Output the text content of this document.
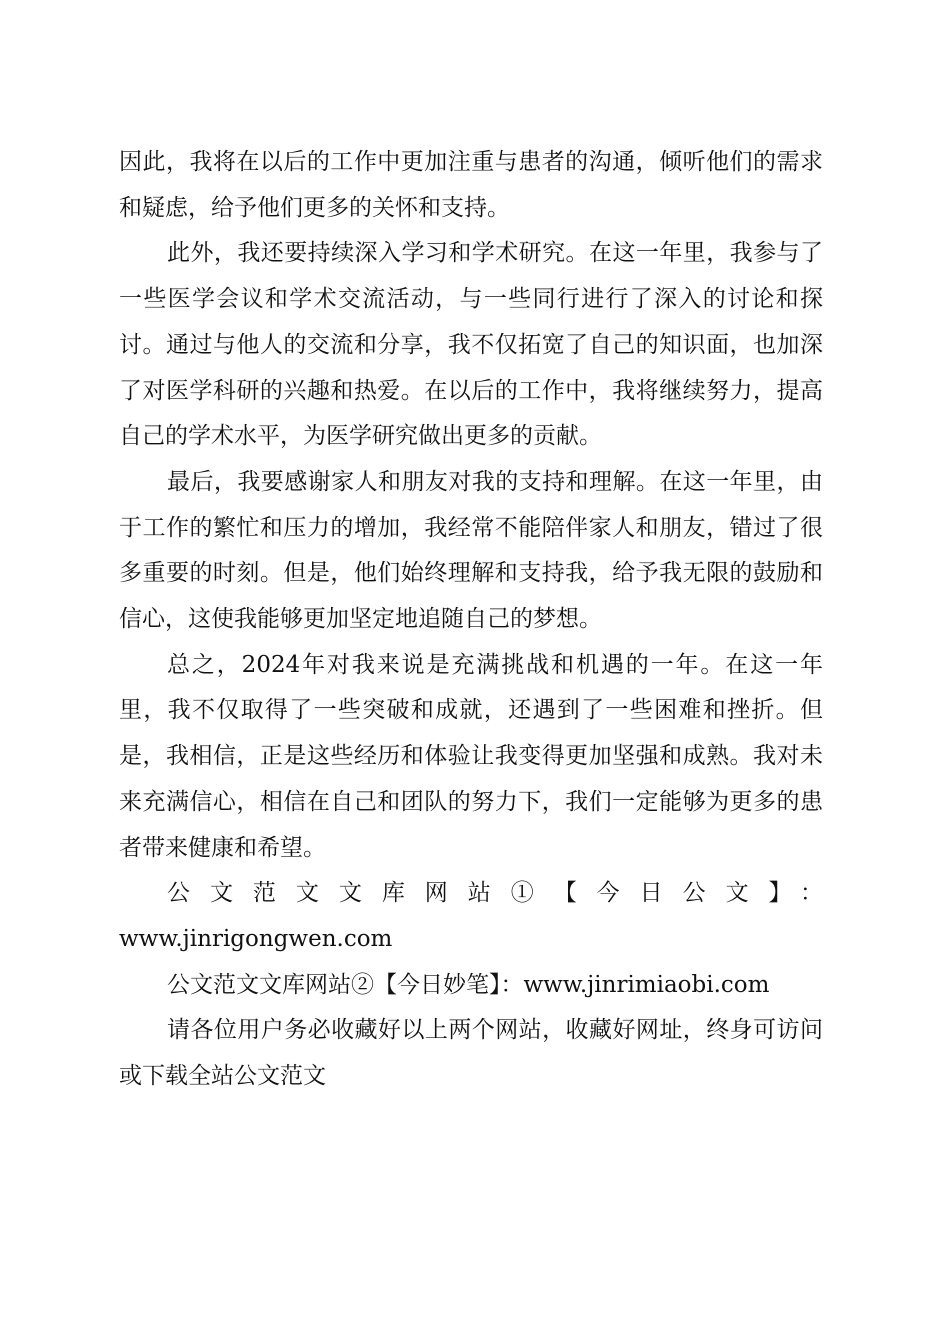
因此，我将在以后的工作中更加注重与患者的沟通，倾听他们的需求和疑虑，给予他们更多的关怀和支持。

此外，我还要持续深入学习和学术研究。在这一年里，我参与了一些医学会议和学术交流活动，与一些同行进行了深入的讨论和探讨。通过与他人的交流和分享，我不仅拓宽了自己的知识面，也加深了对医学科研的兴趣和热爱。在以后的工作中，我将继续努力，提高自己的学术水平，为医学研究做出更多的贡献。

最后，我要感谢家人和朋友对我的支持和理解。在这一年里，由于工作的繁忙和压力的增加，我经常不能陪伴家人和朋友，错过了很多重要的时刻。但是，他们始终理解和支持我，给予我无限的鼓励和信心，这使我能够更加坚定地追随自己的梦想。

总之，2024年对我来说是充满挑战和机遇的一年。在这一年里，我不仅取得了一些突破和成就，还遇到了一些困难和挫折。但是，我相信，正是这些经历和体验让我变得更加坚强和成熟。我对未来充满信心，相信在自己和团队的努力下，我们一定能够为更多的患者带来健康和希望。

公文范文文库网站①【今日公文】：

www.jinrigongwen.com

公文范文文库网站②【今日妙笔】：www.jinrimiaobi.com

请各位用户务必收藏好以上两个网站，收藏好网址，终身可访问或下载全站公文范文
